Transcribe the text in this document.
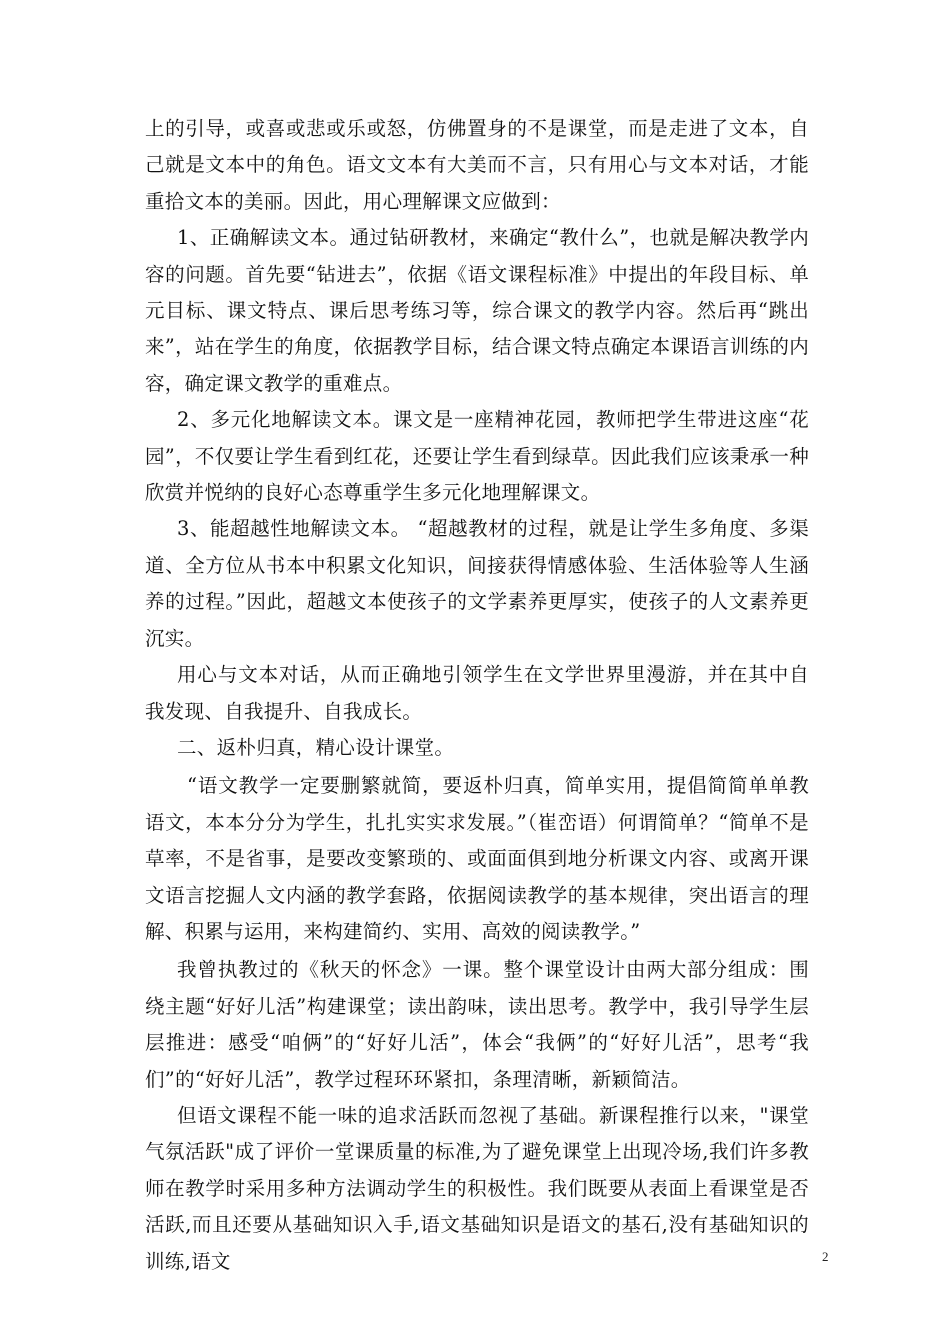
上的引导，或喜或悲或乐或怒，仿佛置身的不是课堂，而是走进了文本，自己就是文本中的角色。语文文本有大美而不言，只有用心与文本对话，才能重拾文本的美丽。因此，用心理解课文应做到：

1、正确解读文本。通过钻研教材，来确定“教什么”，也就是解决教学内容的问题。首先要“钻进去”，依据《语文课程标准》中提出的年段目标、单元目标、课文特点、课后思考练习等，综合课文的教学内容。然后再“跳出来”，站在学生的角度，依据教学目标，结合课文特点确定本课语言训练的内容，确定课文教学的重难点。

2、多元化地解读文本。课文是一座精神花园，教师把学生带进这座“花园”，不仅要让学生看到红花，还要让学生看到绿草。因此我们应该秉承一种欣赏并悦纳的良好心态尊重学生多元化地理解课文。

3、能超越性地解读文本。 “超越教材的过程，就是让学生多角度、多渠道、全方位从书本中积累文化知识，间接获得情感体验、生活体验等人生涵养的过程。”因此，超越文本使孩子的文学素养更厚实，使孩子的人文素养更沉实。

用心与文本对话，从而正确地引领学生在文学世界里漫游，并在其中自我发现、自我提升、自我成长。

二、返朴归真，精心设计课堂。

“语文教学一定要删繁就简，要返朴归真，简单实用，提倡简简单单教语文，本本分分为学生，扎扎实实求发展。”（崔峦语）何谓简单？“简单不是草率，不是省事，是要改变繁琐的、或面面俱到地分析课文内容、或离开课文语言挖掘人文内涵的教学套路，依据阅读教学的基本规律，突出语言的理解、积累与运用，来构建简约、实用、高效的阅读教学。”

我曾执教过的《秋天的怀念》一课。整个课堂设计由两大部分组成：围绕主题“好好儿活”构建课堂；读出韵味，读出思考。教学中，我引导学生层层推进：感受“咱俩”的“好好儿活”，体会“我俩”的“好好儿活”，思考“我们”的“好好儿活”，教学过程环环紧扣，条理清晰，新颖简洁。

但语文课程不能一味的追求活跃而忽视了基础。新课程推行以来，"课堂气氛活跃"成了评价一堂课质量的标准,为了避免课堂上出现冷场,我们许多教师在教学时采用多种方法调动学生的积极性。我们既要从表面上看课堂是否活跃,而且还要从基础知识入手,语文基础知识是语文的基石,没有基础知识的训练,语文	2
